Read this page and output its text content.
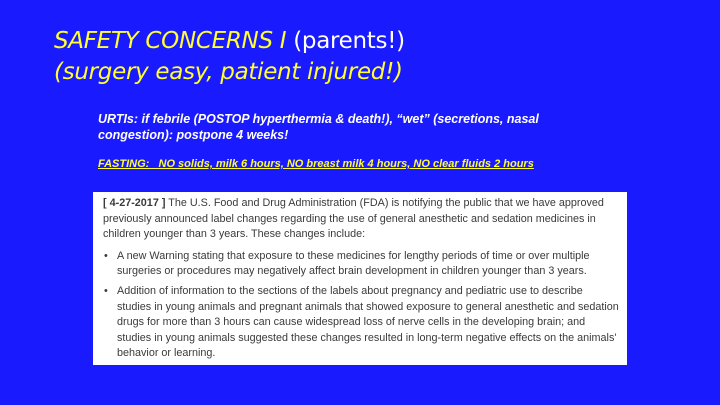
SAFETY CONCERNS I (parents!)
(surgery easy, patient injured!)
URTIs: if febrile (POSTOP hyperthermia & death!), “wet” (secretions, nasal congestion): postpone 4 weeks!
FASTING:   NO solids, milk 6 hours, NO breast milk 4 hours, NO clear fluids 2 hours

[ 4-27-2017 ] The U.S. Food and Drug Administration (FDA) is notifying the public that we have approved previously announced label changes regarding the use of general anesthetic and sedation medicines in children younger than 3 years. These changes include:

• A new Warning stating that exposure to these medicines for lengthy periods of time or over multiple surgeries or procedures may negatively affect brain development in children younger than 3 years.
• Addition of information to the sections of the labels about pregnancy and pediatric use to describe studies in young animals and pregnant animals that showed exposure to general anesthetic and sedation drugs for more than 3 hours can cause widespread loss of nerve cells in the developing brain; and studies in young animals suggested these changes resulted in long-term negative effects on the animals' behavior or learning.
